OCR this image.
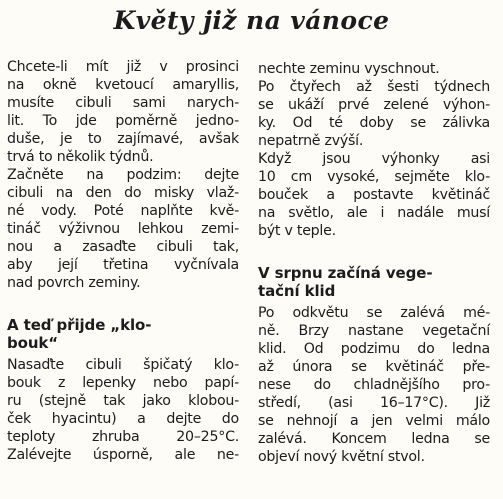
Květy již na vánoce

Chcete-li mít již v prosinci
na okně kvetoucí amaryllis,
musíte cibuli sami narych-
lit. To jde poměrně jedno-
duše, je to zajímavé, avšak
trvá to několik týdnů.

Začněte na podzim: dejte
cibuli na den do misky vlaž-
né vody. Poté naplňte kvě-
tináč výživnou lehkou zemi-
nou a zasaďte cibuli tak,
aby její třetina vyčnívala
nad povrch zeminy.

A teď přijde „klo-
bouk“

Nasaďte cibuli špičatý klo-
bouk z lepenky nebo papí-
ru (stejně tak jako klobou-
ček hyacintu) a dejte do
teploty zhruba 20–25°C.
Zalévejte úsporně, ale ne-

nechte zeminu vyschnout.
Po čtyřech až šesti týdnech
se ukáží prvé zelené výhon-
ky. Od té doby se zálivka
nepatrně zvýší.

Když jsou výhonky asi
10 cm vysoké, sejměte klo-
bouček a postavte květináč
na světlo, ale i nadále musí
být v teple.

V srpnu začíná vege-
tační klid

Po odkvětu se zalévá mé-
ně. Brzy nastane vegetační
klid. Od podzimu do ledna
až února se květináč pře-
nese do chladnějšího pro-
středí, (asi 16–17°C). Již
se nehnojí a jen velmi málo
zalévá. Koncem ledna se
objeví nový květní stvol.
